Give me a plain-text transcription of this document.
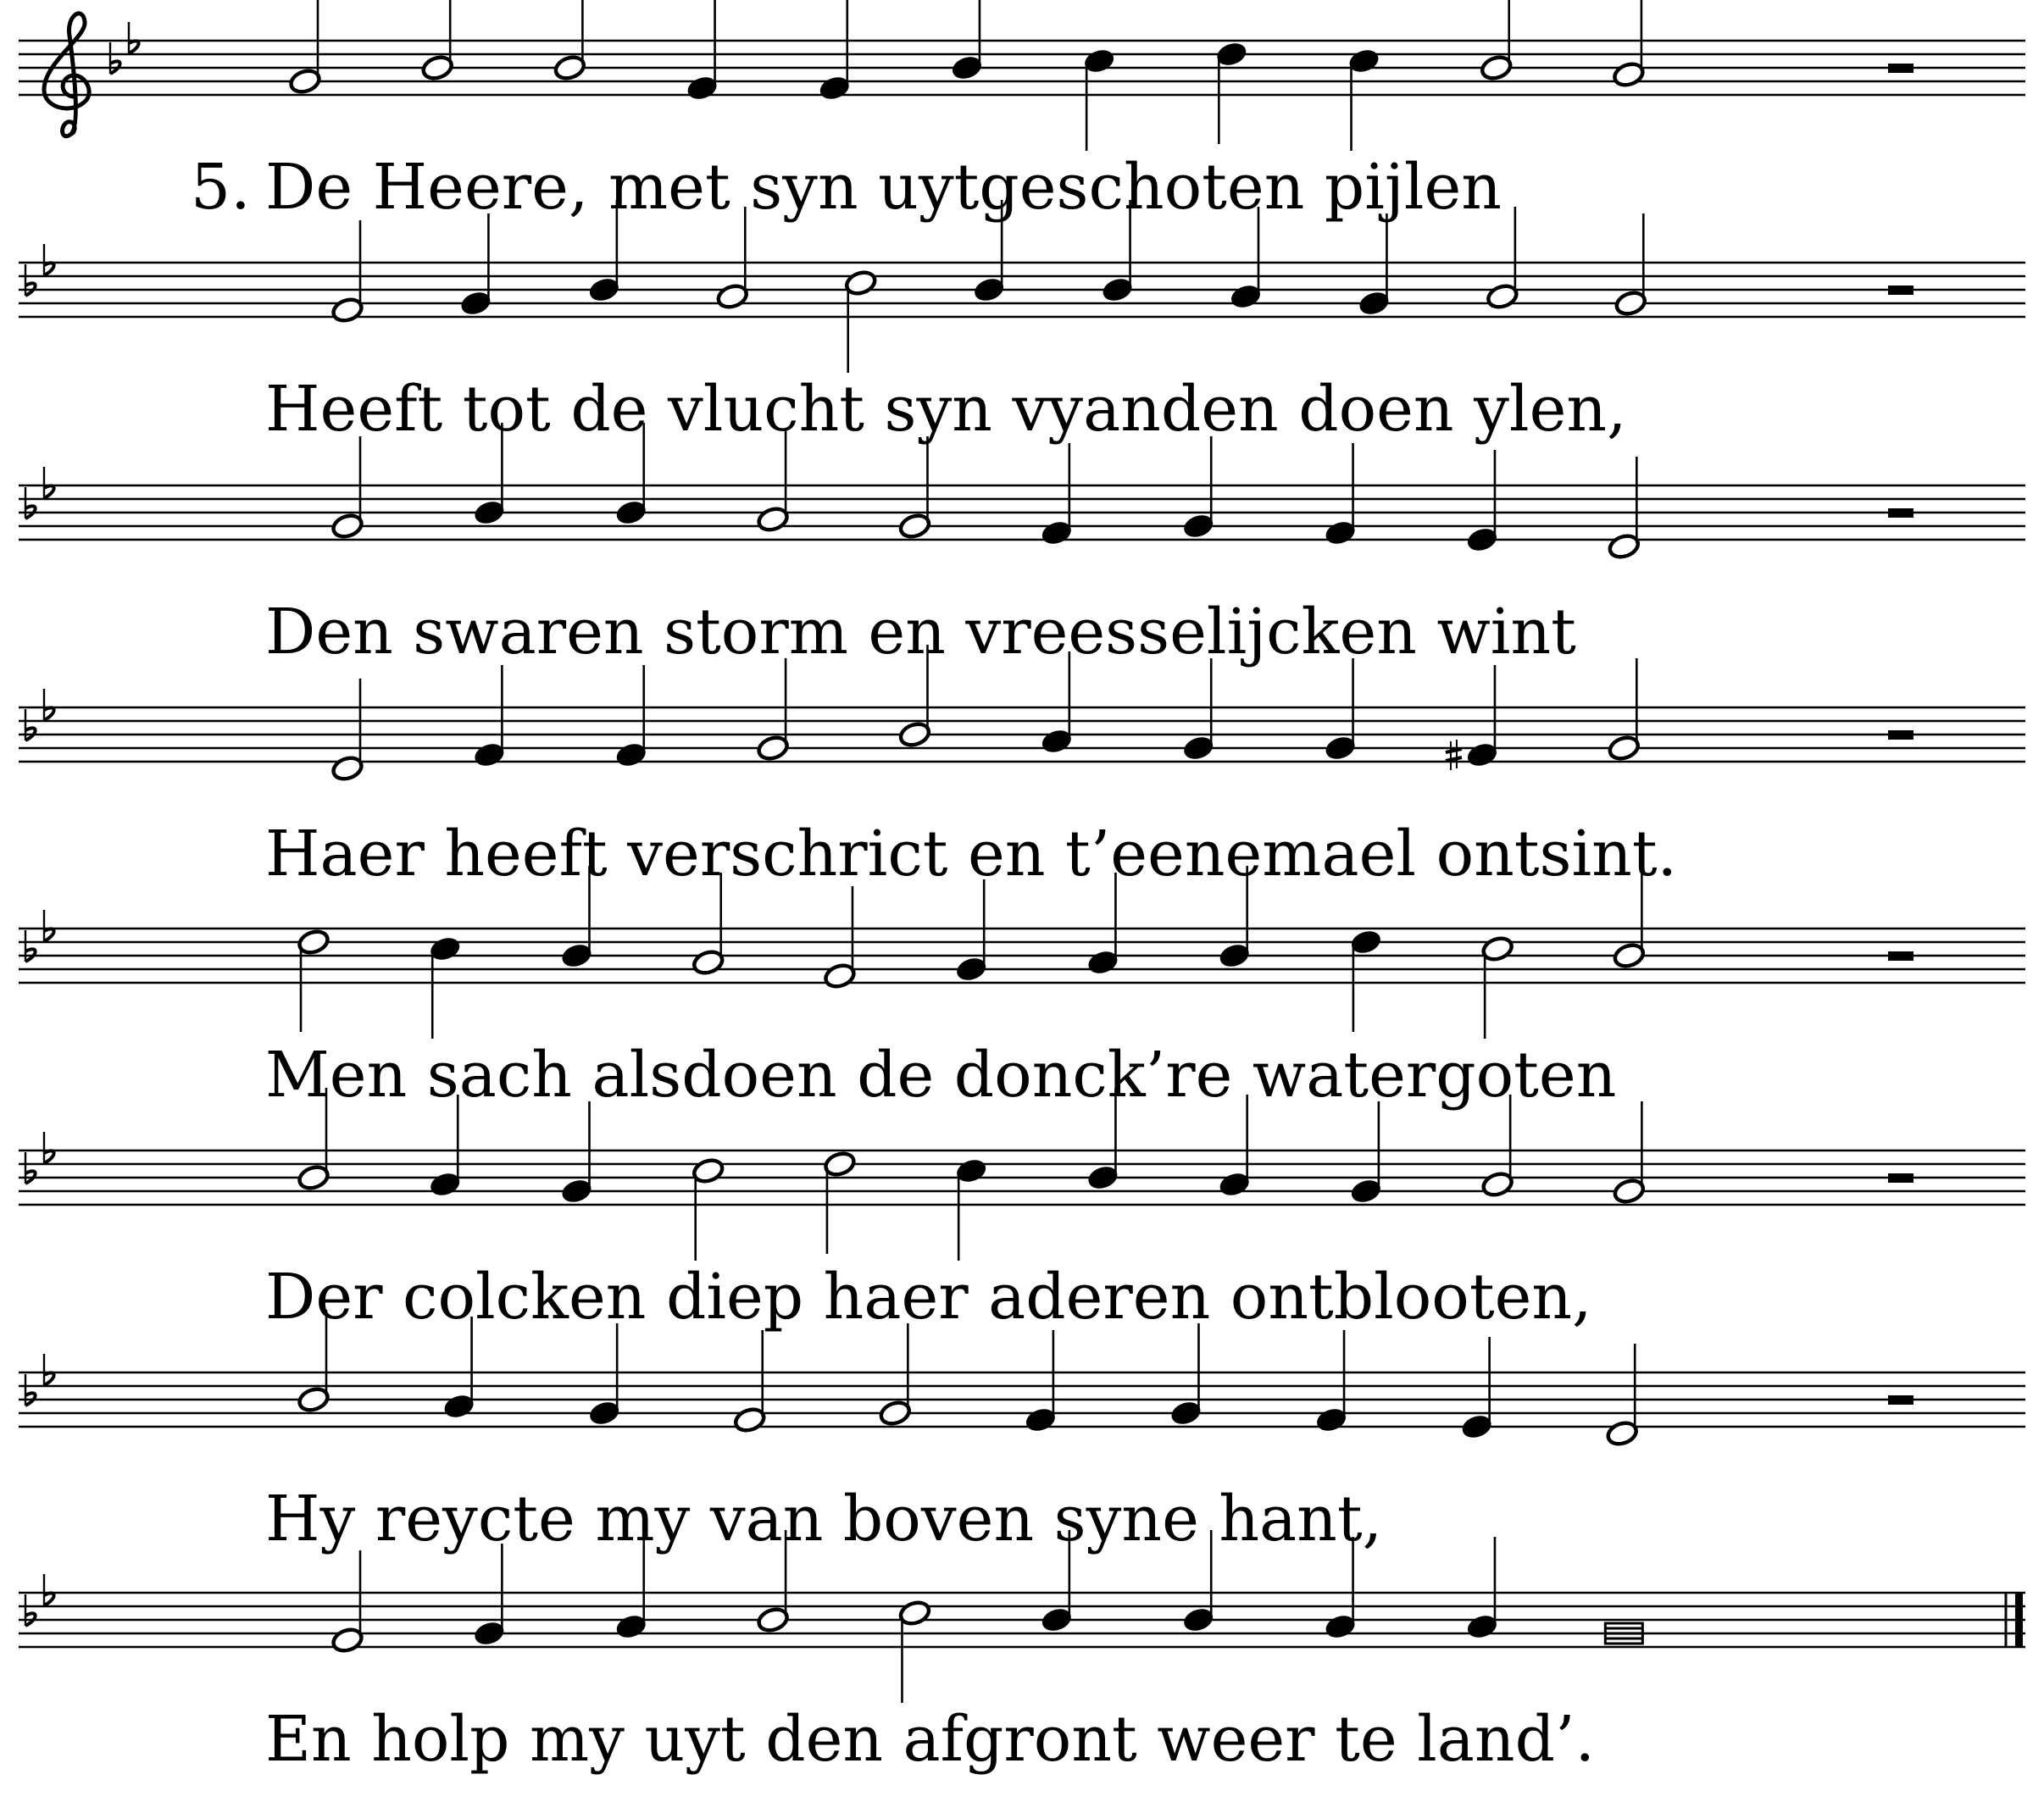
De Heere, met syn uytgeschoten pijlen
5.
Heeft tot de vlucht syn vyanden doen ylen,
Den swaren storm en vreesselijcken wint
Haer heeft verschrict en t’eenemael ontsint.
Men sach alsdoen de donck’re watergoten
Der colcken diep haer aderen ontblooten,
Hy reycte my van boven syne hant,
En holp my uyt den afgront weer te land’.
